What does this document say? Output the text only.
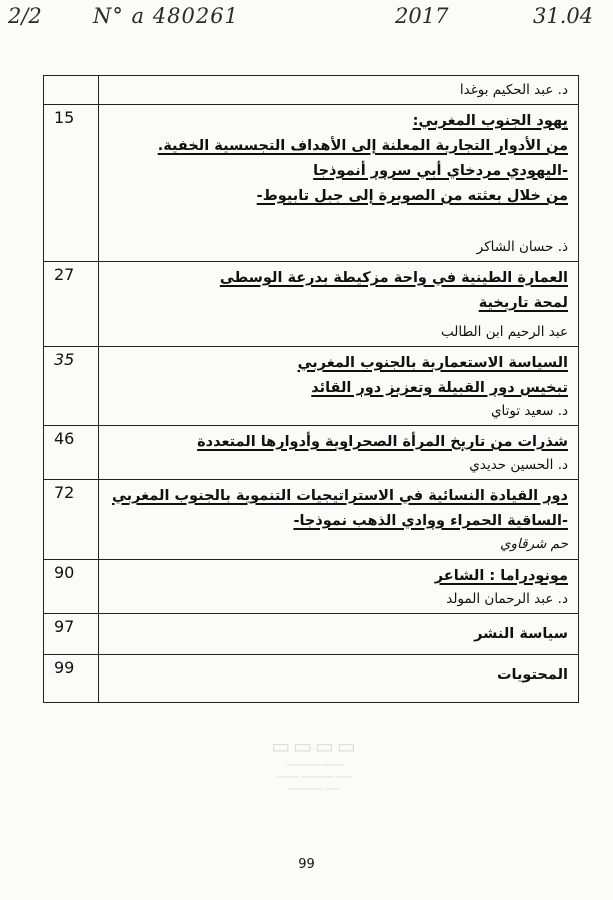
2/2 N° a 480261	2017	31.04
▭▭▭▭
────── ────
──── ────── ───
────── ───
د. عبد الحكيم بوغدا	

يهود الجنوب المغربي:
من الأدوار التجارية المعلنة إلى الأهداف التجسسية الخفية.
-اليهودي مردخاي أبي سرور أنموذجا
من خلال بعثته من الصويرة إلى جبل تابيوط-
ذ. حسان الشاكر	15

العمارة الطينية في واحة مزكيطة بدرعة الوسطى
لمحة تاريخية
عبد الرحيم ابن الطالب	27

السياسة الاستعمارية بالجنوب المغربي
تبخيس دور القبيلة وتعزيز دور القائد
د. سعيد توتاي	35

شذرات من تاريخ المرأة الصحراوية وأدوارها المتعددة
د. الحسين حديدي	46

دور القيادة النسائية في الاستراتيجيات التنموية بالجنوب المغربي
-الساقية الحمراء ووادي الذهب نموذجا-
حم شرقاوي	72

مونودراما : الشاعر
د. عبد الرحمان المولد	90

سياسة النشر	97

المحتويات	99
99
